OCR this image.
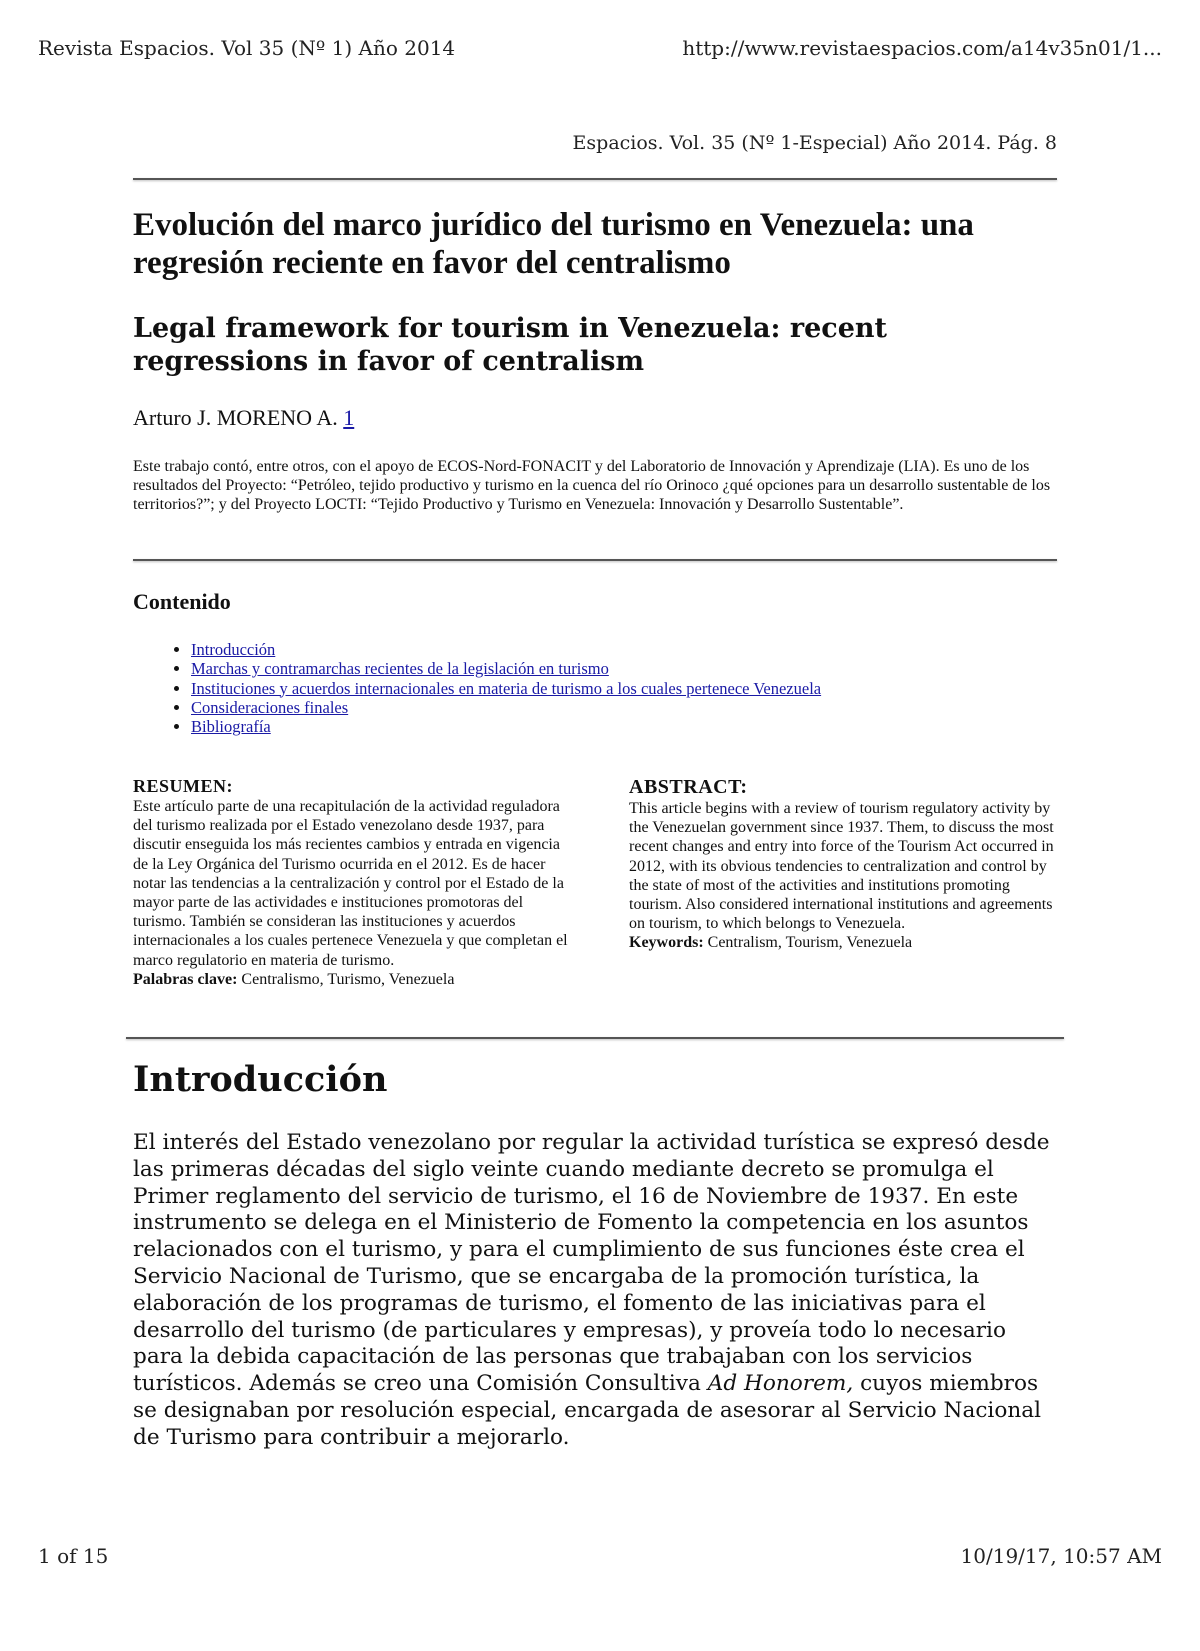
Revista Espacios. Vol 35 (Nº 1) Año 2014	http://www.revistaespacios.com/a14v35n01/1...
Espacios. Vol. 35 (Nº 1-Especial) Año 2014. Pág. 8
Evolución del marco jurídico del turismo en Venezuela: una regresión reciente en favor del centralismo
Legal framework for tourism in Venezuela: recent regressions in favor of centralism
Arturo J. MORENO A. 1

Este trabajo contó, entre otros, con el apoyo de ECOS-Nord-FONACIT y del Laboratorio de Innovación y Aprendizaje (LIA). Es uno de los resultados del Proyecto: “Petróleo, tejido productivo y turismo en la cuenca del río Orinoco ¿qué opciones para un desarrollo sustentable de los territorios?”; y del Proyecto LOCTI: “Tejido Productivo y Turismo en Venezuela: Innovación y Desarrollo Sustentable”.

Contenido
• Introducción
• Marchas y contramarchas recientes de la legislación en turismo
• Instituciones y acuerdos internacionales en materia de turismo a los cuales pertenece Venezuela
• Consideraciones finales
• Bibliografía
RESUMEN:

Este artículo parte de una recapitulación de la actividad reguladora del turismo realizada por el Estado venezolano desde 1937, para discutir enseguida los más recientes cambios y entrada en vigencia de la Ley Orgánica del Turismo ocurrida en el 2012. Es de hacer notar las tendencias a la centralización y control por el Estado de la mayor parte de las actividades e instituciones promotoras del turismo. También se consideran las instituciones y acuerdos internacionales a los cuales pertenece Venezuela y que completan el marco regulatorio en materia de turismo.

Palabras clave: Centralismo, Turismo, Venezuela

ABSTRACT:

This article begins with a review of tourism regulatory activity by the Venezuelan government since 1937. Them, to discuss the most recent changes and entry into force of the Tourism Act occurred in 2012, with its obvious tendencies to centralization and control by the state of most of the activities and institutions promoting tourism. Also considered international institutions and agreements on tourism, to which belongs to Venezuela.

Keywords: Centralism, Tourism, Venezuela

Introducción

El interés del Estado venezolano por regular la actividad turística se expresó desde las primeras décadas del siglo veinte cuando mediante decreto se promulga el Primer reglamento del servicio de turismo, el 16 de Noviembre de 1937. En este instrumento se delega en el Ministerio de Fomento la competencia en los asuntos relacionados con el turismo, y para el cumplimiento de sus funciones éste crea el Servicio Nacional de Turismo, que se encargaba de la promoción turística, la elaboración de los programas de turismo, el fomento de las iniciativas para el desarrollo del turismo (de particulares y empresas), y proveía todo lo necesario para la debida capacitación de las personas que trabajaban con los servicios turísticos. Además se creo una Comisión Consultiva Ad Honorem, cuyos miembros se designaban por resolución especial, encargada de asesorar al Servicio Nacional de Turismo para contribuir a mejorarlo.

1 of 15	10/19/17, 10:57 AM
